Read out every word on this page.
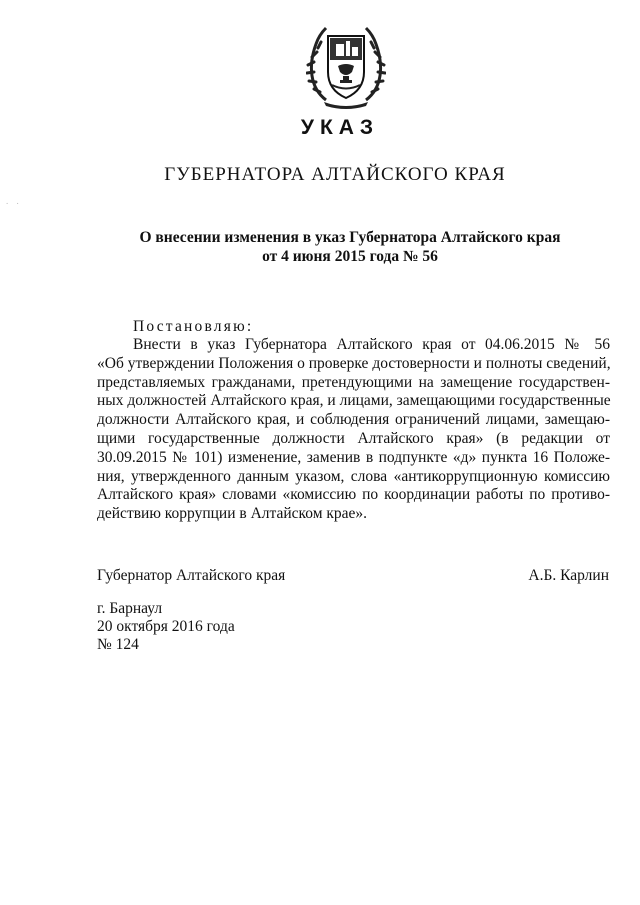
. .
УКАЗ
ГУБЕРНАТОРА АЛТАЙСКОГО КРАЯ
О внесении изменения в указ Губернатора Алтайского края
от 4 июня 2015 года № 56
Постановляю:
Внести в указ Губернатора Алтайского края от 04.06.2015 № 56
«Об утверждении Положения о проверке достоверности и полноты сведений,
представляемых гражданами, претендующими на замещение государствен-
ных должностей Алтайского края, и лицами, замещающими государственные
должности Алтайского края, и соблюдения ограничений лицами, замещаю-
щими государственные должности Алтайского края» (в редакции от
30.09.2015 № 101) изменение, заменив в подпункте «д» пункта 16 Положе-
ния, утвержденного данным указом, слова «антикоррупционную комиссию
Алтайского края» словами «комиссию по координации работы по противо-
действию коррупции в Алтайском крае».
Губернатор Алтайского края	А.Б. Карлин
г. Барнаул
20 октября 2016 года
№ 124
